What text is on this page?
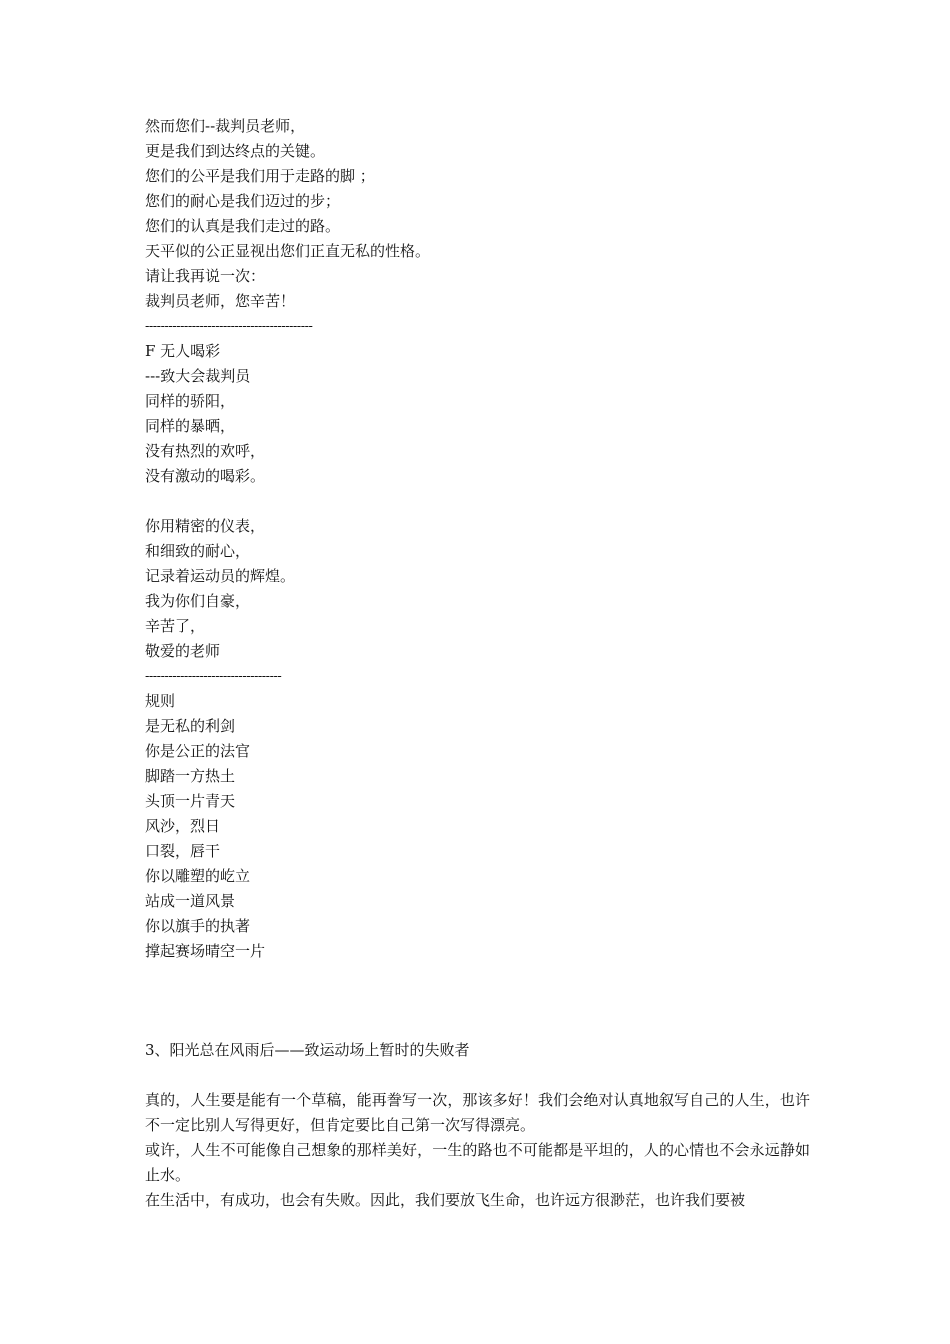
然而您们--裁判员老师，
更是我们到达终点的关键。
您们的公平是我们用于走路的脚 ；
您们的耐心是我们迈过的步；
您们的认真是我们走过的路。
天平似的公正显视出您们正直无私的性格。
请让我再说一次：
裁判员老师，您辛苦！
-------------------------------------------
F 无人喝彩
---致大会裁判员
同样的骄阳，
同样的暴晒，
没有热烈的欢呼，
没有激动的喝彩。
你用精密的仪表，
和细致的耐心，
记录着运动员的辉煌。
我为你们自豪，
辛苦了，
敬爱的老师
-----------------------------------
规则
是无私的利剑
你是公正的法官
脚踏一方热土
头顶一片青天
风沙，烈日
口裂，唇干
你以雕塑的屹立
站成一道风景
你以旗手的执著
撑起赛场晴空一片
3、阳光总在风雨后——致运动场上暂时的失败者
真的，人生要是能有一个草稿，能再誊写一次，那该多好！我们会绝对认真地叙写自己的人生，也许不一定比别人写得更好，但肯定要比自己第一次写得漂亮。
或许，人生不可能像自己想象的那样美好，一生的路也不可能都是平坦的，人的心情也不会永远静如止水。
在生活中，有成功，也会有失败。因此，我们要放飞生命，也许远方很渺茫，也许我们要被
